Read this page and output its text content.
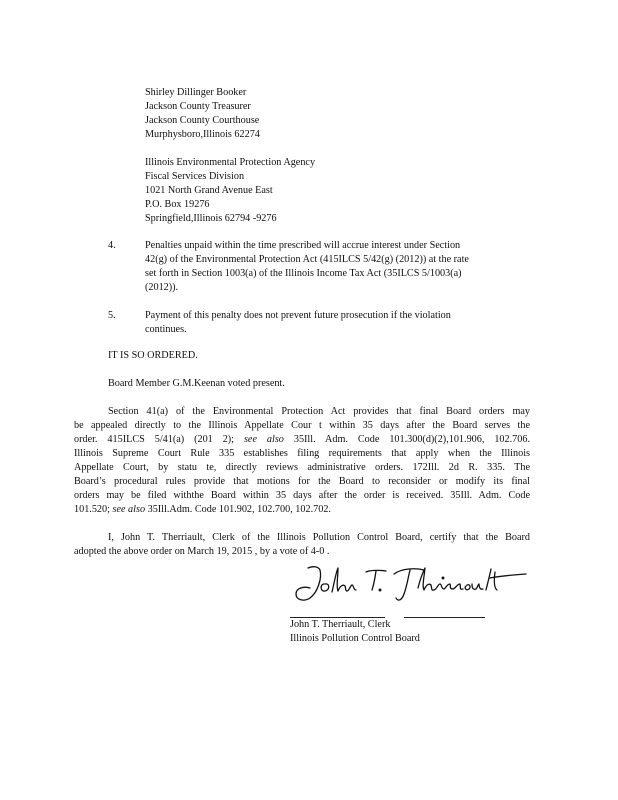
Shirley Dillinger Booker
Jackson County Treasurer
Jackson County Courthouse
Murphysboro,Illinois 62274
Illinois Environmental Protection Agency
Fiscal Services Division
1021 North Grand Avenue East
P.O. Box 19276
Springfield,Illinois 62794 -9276
4.	Penalties unpaid within the time prescribed will accrue interest under Section
42(g) of the Environmental Protection Act (415ILCS 5/42(g) (2012)) at the rate
set forth in Section 1003(a) of the Illinois Income Tax Act (35ILCS 5/1003(a)
(2012)).
5.	Payment of this penalty does not prevent future prosecution if the violation
continues.
IT IS SO ORDERED.
Board Member G.M.Keenan voted present.
Section 41(a) of the Environmental Protection Act provides that final Board orders may
be appealed directly to the Illinois Appellate Cour t within 35 days after the Board serves the
order. 415ILCS 5/41(a) (201 2); see also 35Ill. Adm. Code 101.300(d)(2),101.906, 102.706.
Illinois Supreme Court Rule 335 establishes filing requirements that apply when the Illinois
Appellate Court, by statu te, directly reviews administrative orders. 172Ill. 2d R. 335. The
Board’s procedural rules provide that motions for the Board to reconsider or modify its final
orders may be filed withthe Board within 35 days after the order is received. 35Ill. Adm. Code
101.520; see also 35Ill.Adm. Code 101.902, 102.700, 102.702.
I, John T. Therriault, Clerk of the Illinois Pollution Control Board, certify that the Board
adopted the above order on March 19, 2015 , by a vote of 4-0 .
John T. Therriault, Clerk
Illinois Pollution Control Board
